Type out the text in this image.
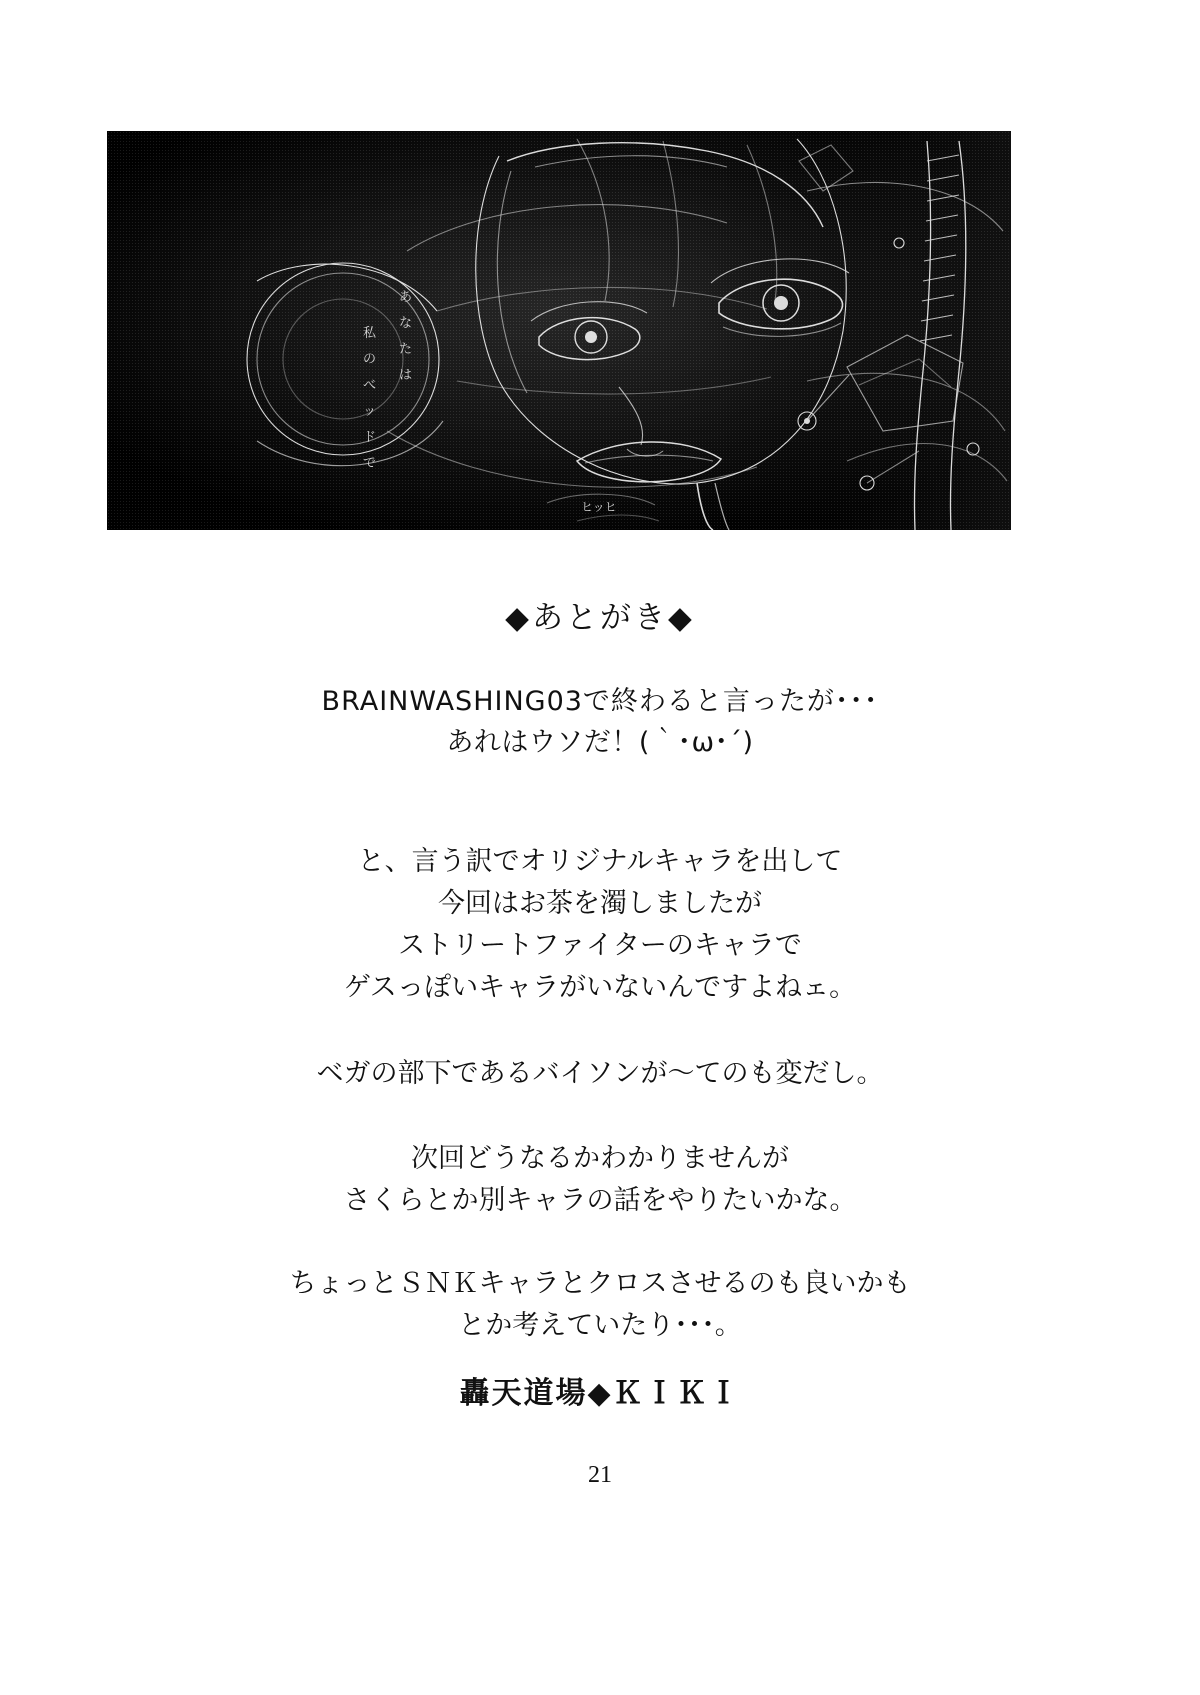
あ
な
た
は
私
の
べ
ッ
ド
で
ヒッヒ
◆あとがき◆
BRAINWASHING03で終わると言ったが･･･
あれはウソだ！(｀･ω･´)
と、言う訳でオリジナルキャラを出して
今回はお茶を濁しましたが
ストリートファイターのキャラで
ゲスっぽいキャラがいないんですよねェ。
ベガの部下であるバイソンが～てのも変だし。
次回どうなるかわかりませんが
さくらとか別キャラの話をやりたいかな。
ちょっとＳＮＫキャラとクロスさせるのも良いかも
とか考えていたり･･･。
轟天道場◆ＫＩＫＩ
21
